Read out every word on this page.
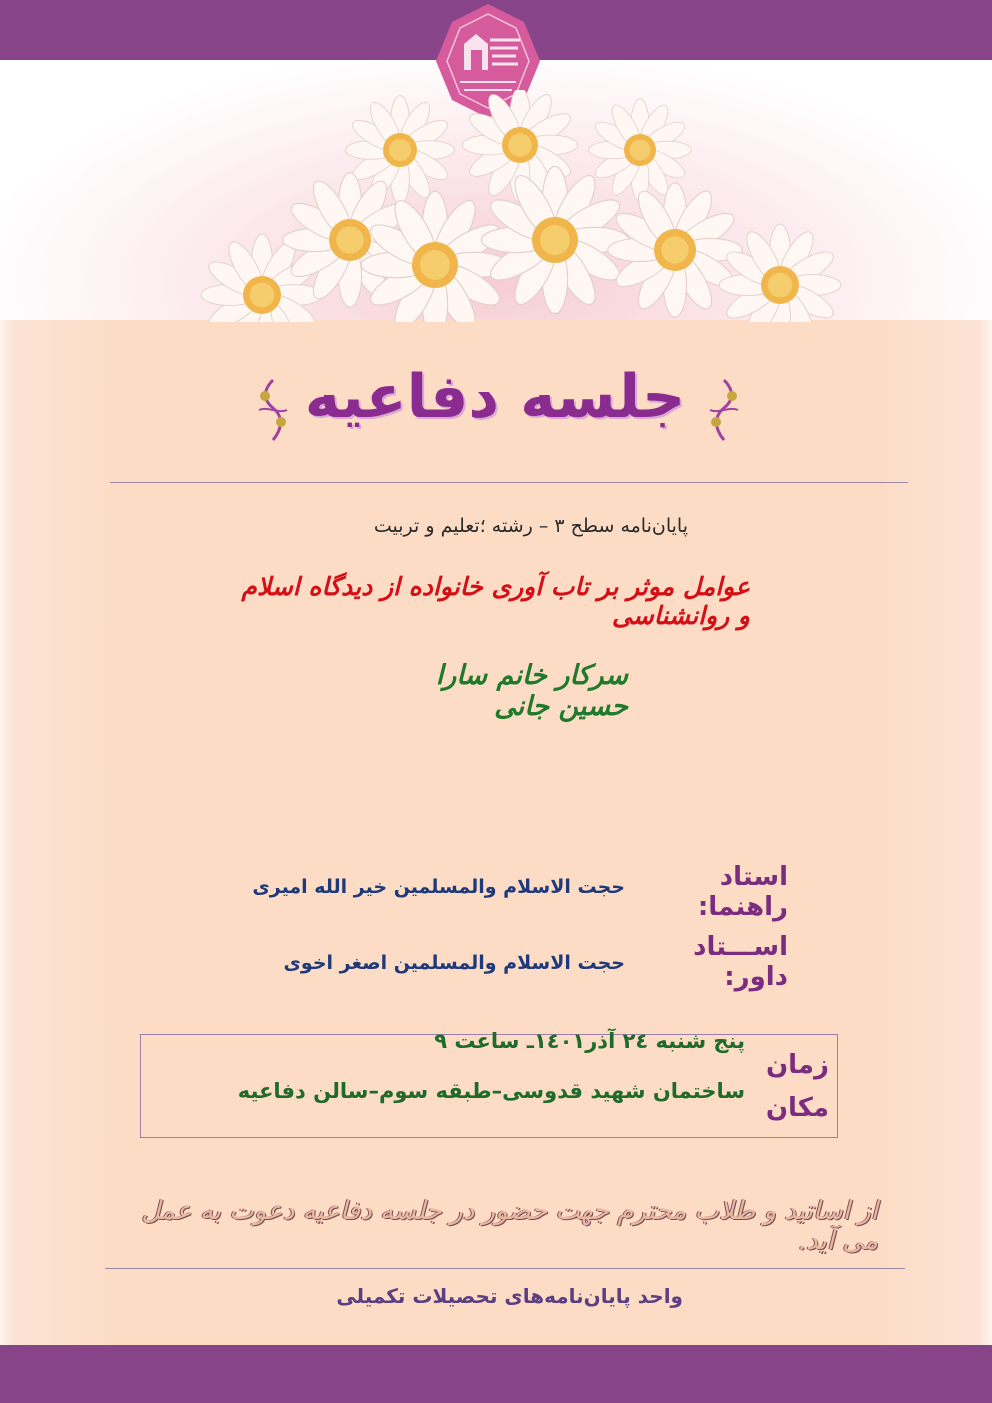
جلسه دفاعیه
پایان‌نامه سطح ۳ – رشته ؛تعلیم و تربیت
عوامل موثر بر تاب آوری خانواده از دیدگاه اسلام و روانشناسی
سرکار خانم سارا حسین جانی
استاد راهنما:
حجت الاسلام والمسلمین خیر الله امیری
اســـتاد داور:
حجت الاسلام والمسلمین اصغر اخوی
زمان
مکان
پنج شنبه ٢٤ آذر١٤٠١ـ ساعت ٩
ساختمان شهید قدوسی–طبقه سوم–سالن دفاعیه
از اساتید و طلاب محترم جهت حضور در جلسه دفاعیه دعوت به عمل می آید.
واحد پایان‌نامه‌های تحصیلات تکمیلی
